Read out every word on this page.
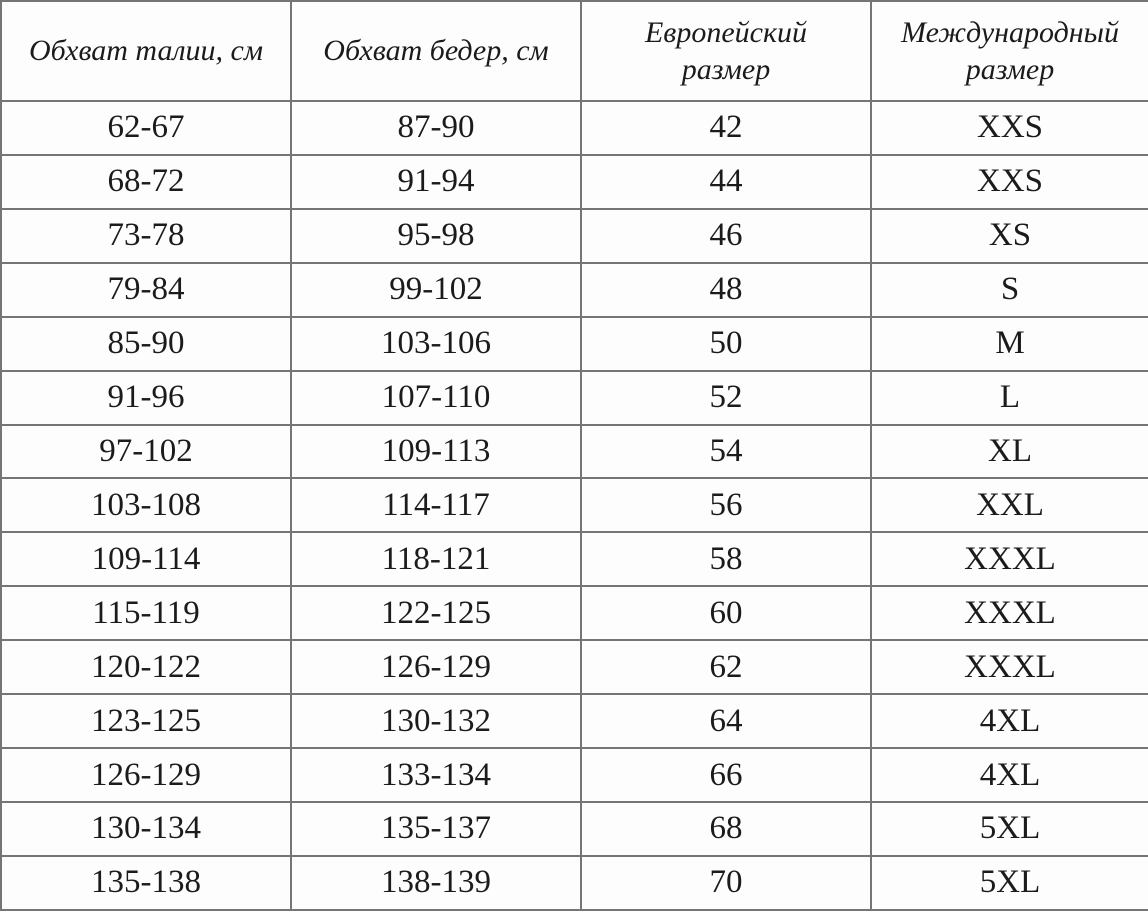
Обхват талии, см	Обхват бедер, см	Европейский размер	Международный размер
62-67	87-90	42	XXS
68-72	91-94	44	XXS
73-78	95-98	46	XS
79-84	99-102	48	S
85-90	103-106	50	M
91-96	107-110	52	L
97-102	109-113	54	XL
103-108	114-117	56	XXL
109-114	118-121	58	XXXL
115-119	122-125	60	XXXL
120-122	126-129	62	XXXL
123-125	130-132	64	4XL
126-129	133-134	66	4XL
130-134	135-137	68	5XL
135-138	138-139	70	5XL
